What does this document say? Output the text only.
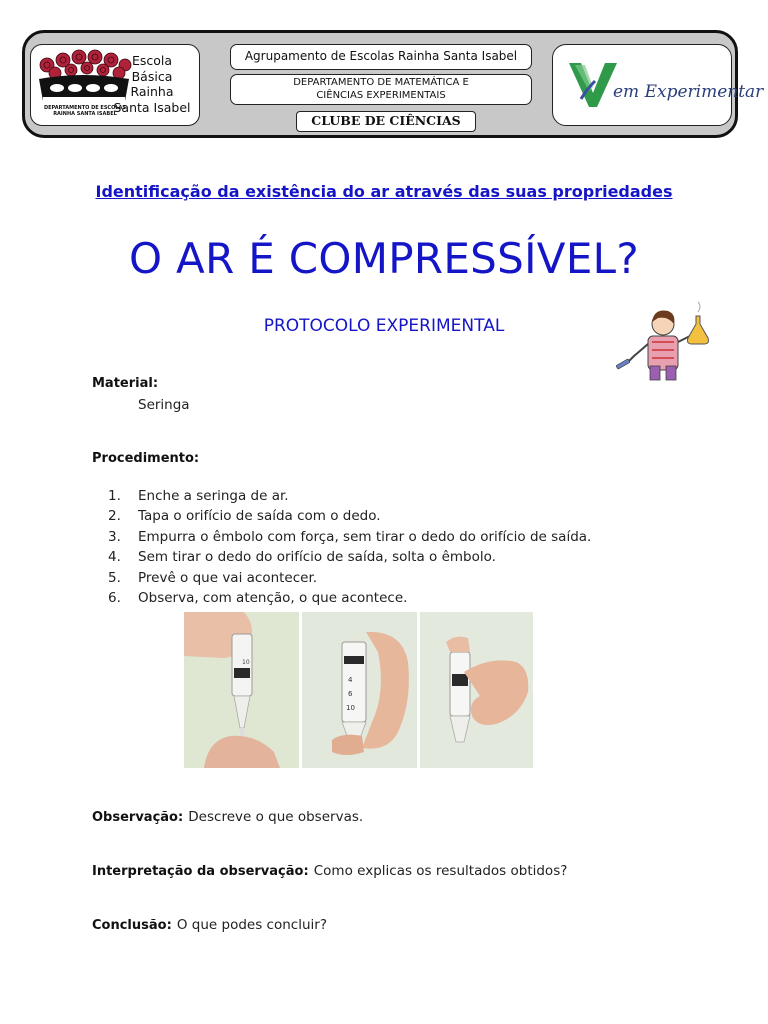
DEPARTAMENTO DE ESCOLAS
RAINHA SANTA ISABEL
Escola
Básica
Rainha
Santa Isabel
Agrupamento de Escolas Rainha Santa Isabel
DEPARTAMENTO DE MATEMÁTICA E
CIÊNCIAS EXPERIMENTAIS
CLUBE DE CIÊNCIAS
em Experimentar
Identificação da existência do ar através das suas propriedades
O AR É COMPRESSÍVEL?
PROTOCOLO EXPERIMENTAL
Material:
Seringa
Procedimento:
1. Enche a seringa de ar.
2. Tapa o orifício de saída com o dedo.
3. Empurra o êmbolo com força, sem tirar o dedo do orifício de saída.
4. Sem tirar o dedo do orifício de saída, solta o êmbolo.
5. Prevê o que vai acontecer.
6. Observa, com atenção, o que acontece.
10
4
6
10
Observação: Descreve o que observas.
Interpretação da observação: Como explicas os resultados obtidos?
Conclusão: O que podes concluir?
